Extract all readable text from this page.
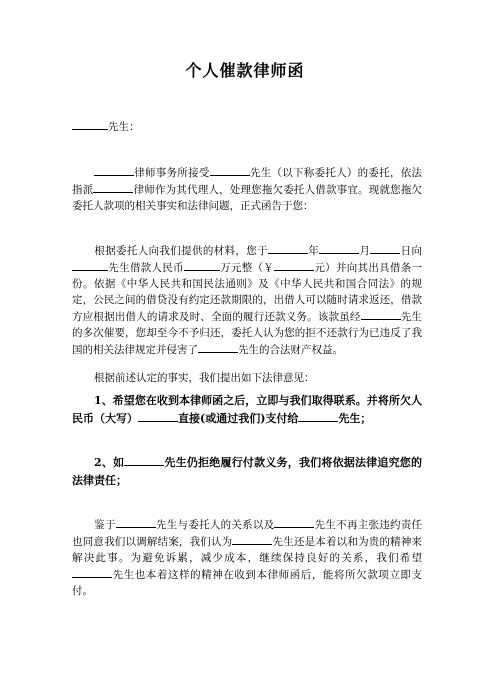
个人催款律师函
先生：
律师事务所接受	先生（以下称委托人）的委托，依法指派	律师作为其代理人，处理您拖欠委托人借款事宜。现就您拖欠委托人款项的相关事实和法律问题，正式函告于您：
根据委托人向我们提供的材料，您于	年	月	日向先生借款人民币	万元整（￥	元）并向其出具借条一份。依据《中华人民共和国民法通则》及《中华人民共和国合同法》的规定，公民之间的借贷没有约定还款期限的，出借人可以随时请求返还，借款方应根据出借人的请求及时、全面的履行还款义务。该款虽经	先生的多次催要，您却至今不予归还，委托人认为您的拒不还款行为已违反了我国的相关法律规定并侵害了	先生的合法财产权益。
根据前述认定的事实，我们提出如下法律意见：
1、希望您在收到本律师函之后，立即与我们取得联系。并将所欠人民币（大写）	直接(或通过我们)支付给	先生；
2、如	先生仍拒绝履行付款义务，我们将依据法律追究您的法律责任；
鉴于	先生与委托人的关系以及	先生不再主张违约责任也同意我们以调解结案，我们认为	先生还是本着以和为贵的精神来解决此事。为避免诉累，减少成本，继续保持良好的关系，我们希望先生也本着这样的精神在收到本律师函后，能将所欠款项立即支付。
